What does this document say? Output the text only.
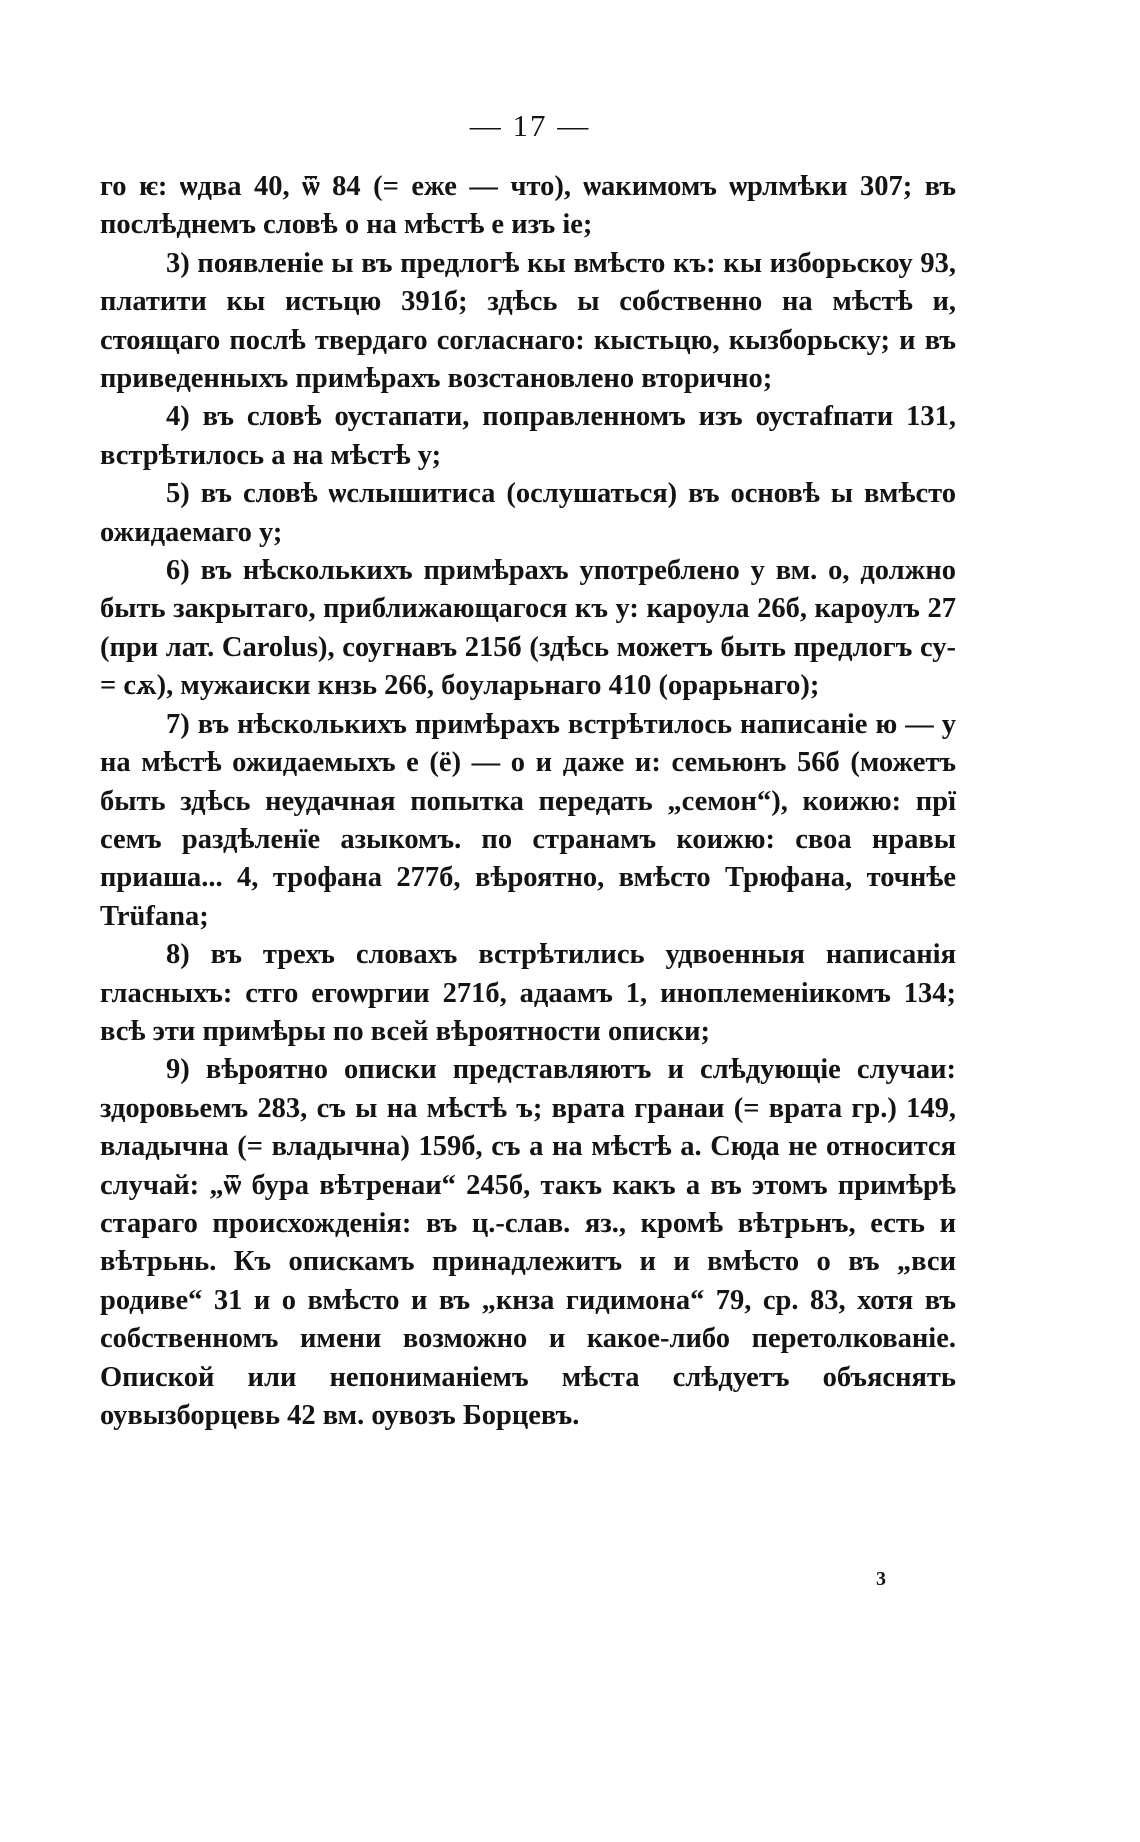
— 17 —

го ѥ: ѡдва 40, ѿ 84 (= еже — что), ѡакимомъ ѡрлмѣки 307; въ послѣднемъ словѣ о на мѣстѣ е изъ іе;

3) появленіе ы въ предлогѣ кы вмѣсто къ: кы изборьскоу 93, платити кы истьцю 391б; здѣсь ы собственно на мѣстѣ и, стоящаго послѣ твердаго согласнаго: кыстьцю, кызборьску; и въ приведенныхъ примѣрахъ возстановлено вторично;

4) въ словѣ оустапати, поправленномъ изъ оустаfпати 131, встрѣтилось а на мѣстѣ у;

5) въ словѣ ѡслышитиса (ослушаться) въ основѣ ы вмѣсто ожидаемаго у;

6) въ нѣсколькихъ примѣрахъ употреблено у вм. о, должно быть закрытаго, приближающагося къ у: кароула 26б, кароулъ 27 (при лат. Carolus), соугнавъ 215б (здѣсь можетъ быть предлогъ су- = сѫ), мужаиски кнзь 266, бoуларьнаго 410 (орарьнаго);

7) въ нѣсколькихъ примѣрахъ встрѣтилось написаніе ю — у на мѣстѣ ожидаемыхъ е (ё) — о и даже и: семьюнъ 56б (можетъ быть здѣсь неудачная попытка передать „семон“), коижю: прї семъ раздѣленїе азыкомъ. по странамъ коижю: своа нравы приаша... 4, трофана 277б, вѣроятно, вмѣсто Трюфана, точнѣе Trüfana;

8) въ трехъ словахъ встрѣтились удвоенныя написанія гласныхъ: стго егоѡргии 271б, адаамъ 1, иноплеменiикомъ 134; всѣ эти примѣры по всей вѣроятности описки;

9) вѣроятно описки представляютъ и слѣдующіе случаи: здоровьемъ 283, съ ы на мѣстѣ ъ; врата гранаи (= врата гр.) 149, владычна (= владычна) 159б, съ а на мѣстѣ а. Сюда не относится случай: „ѿ бура вѣтренаи“ 245б, такъ какъ а въ этомъ примѣрѣ стараго происхожденія: въ ц.-слав. яз., кромѣ вѣтрьнъ, есть и вѣтрьнь. Къ опискамъ принадлежитъ и и вмѣсто о въ „вси родиве“ 31 и о вмѣсто и въ „кнза гидимона“ 79, ср. 83, хотя въ собственномъ имени возможно и какое-либо перетолкованіе. Опиской или непониманіемъ мѣста слѣдуетъ объяснять оувызборцевь 42 вм. оувозъ Борцевъ.

3
